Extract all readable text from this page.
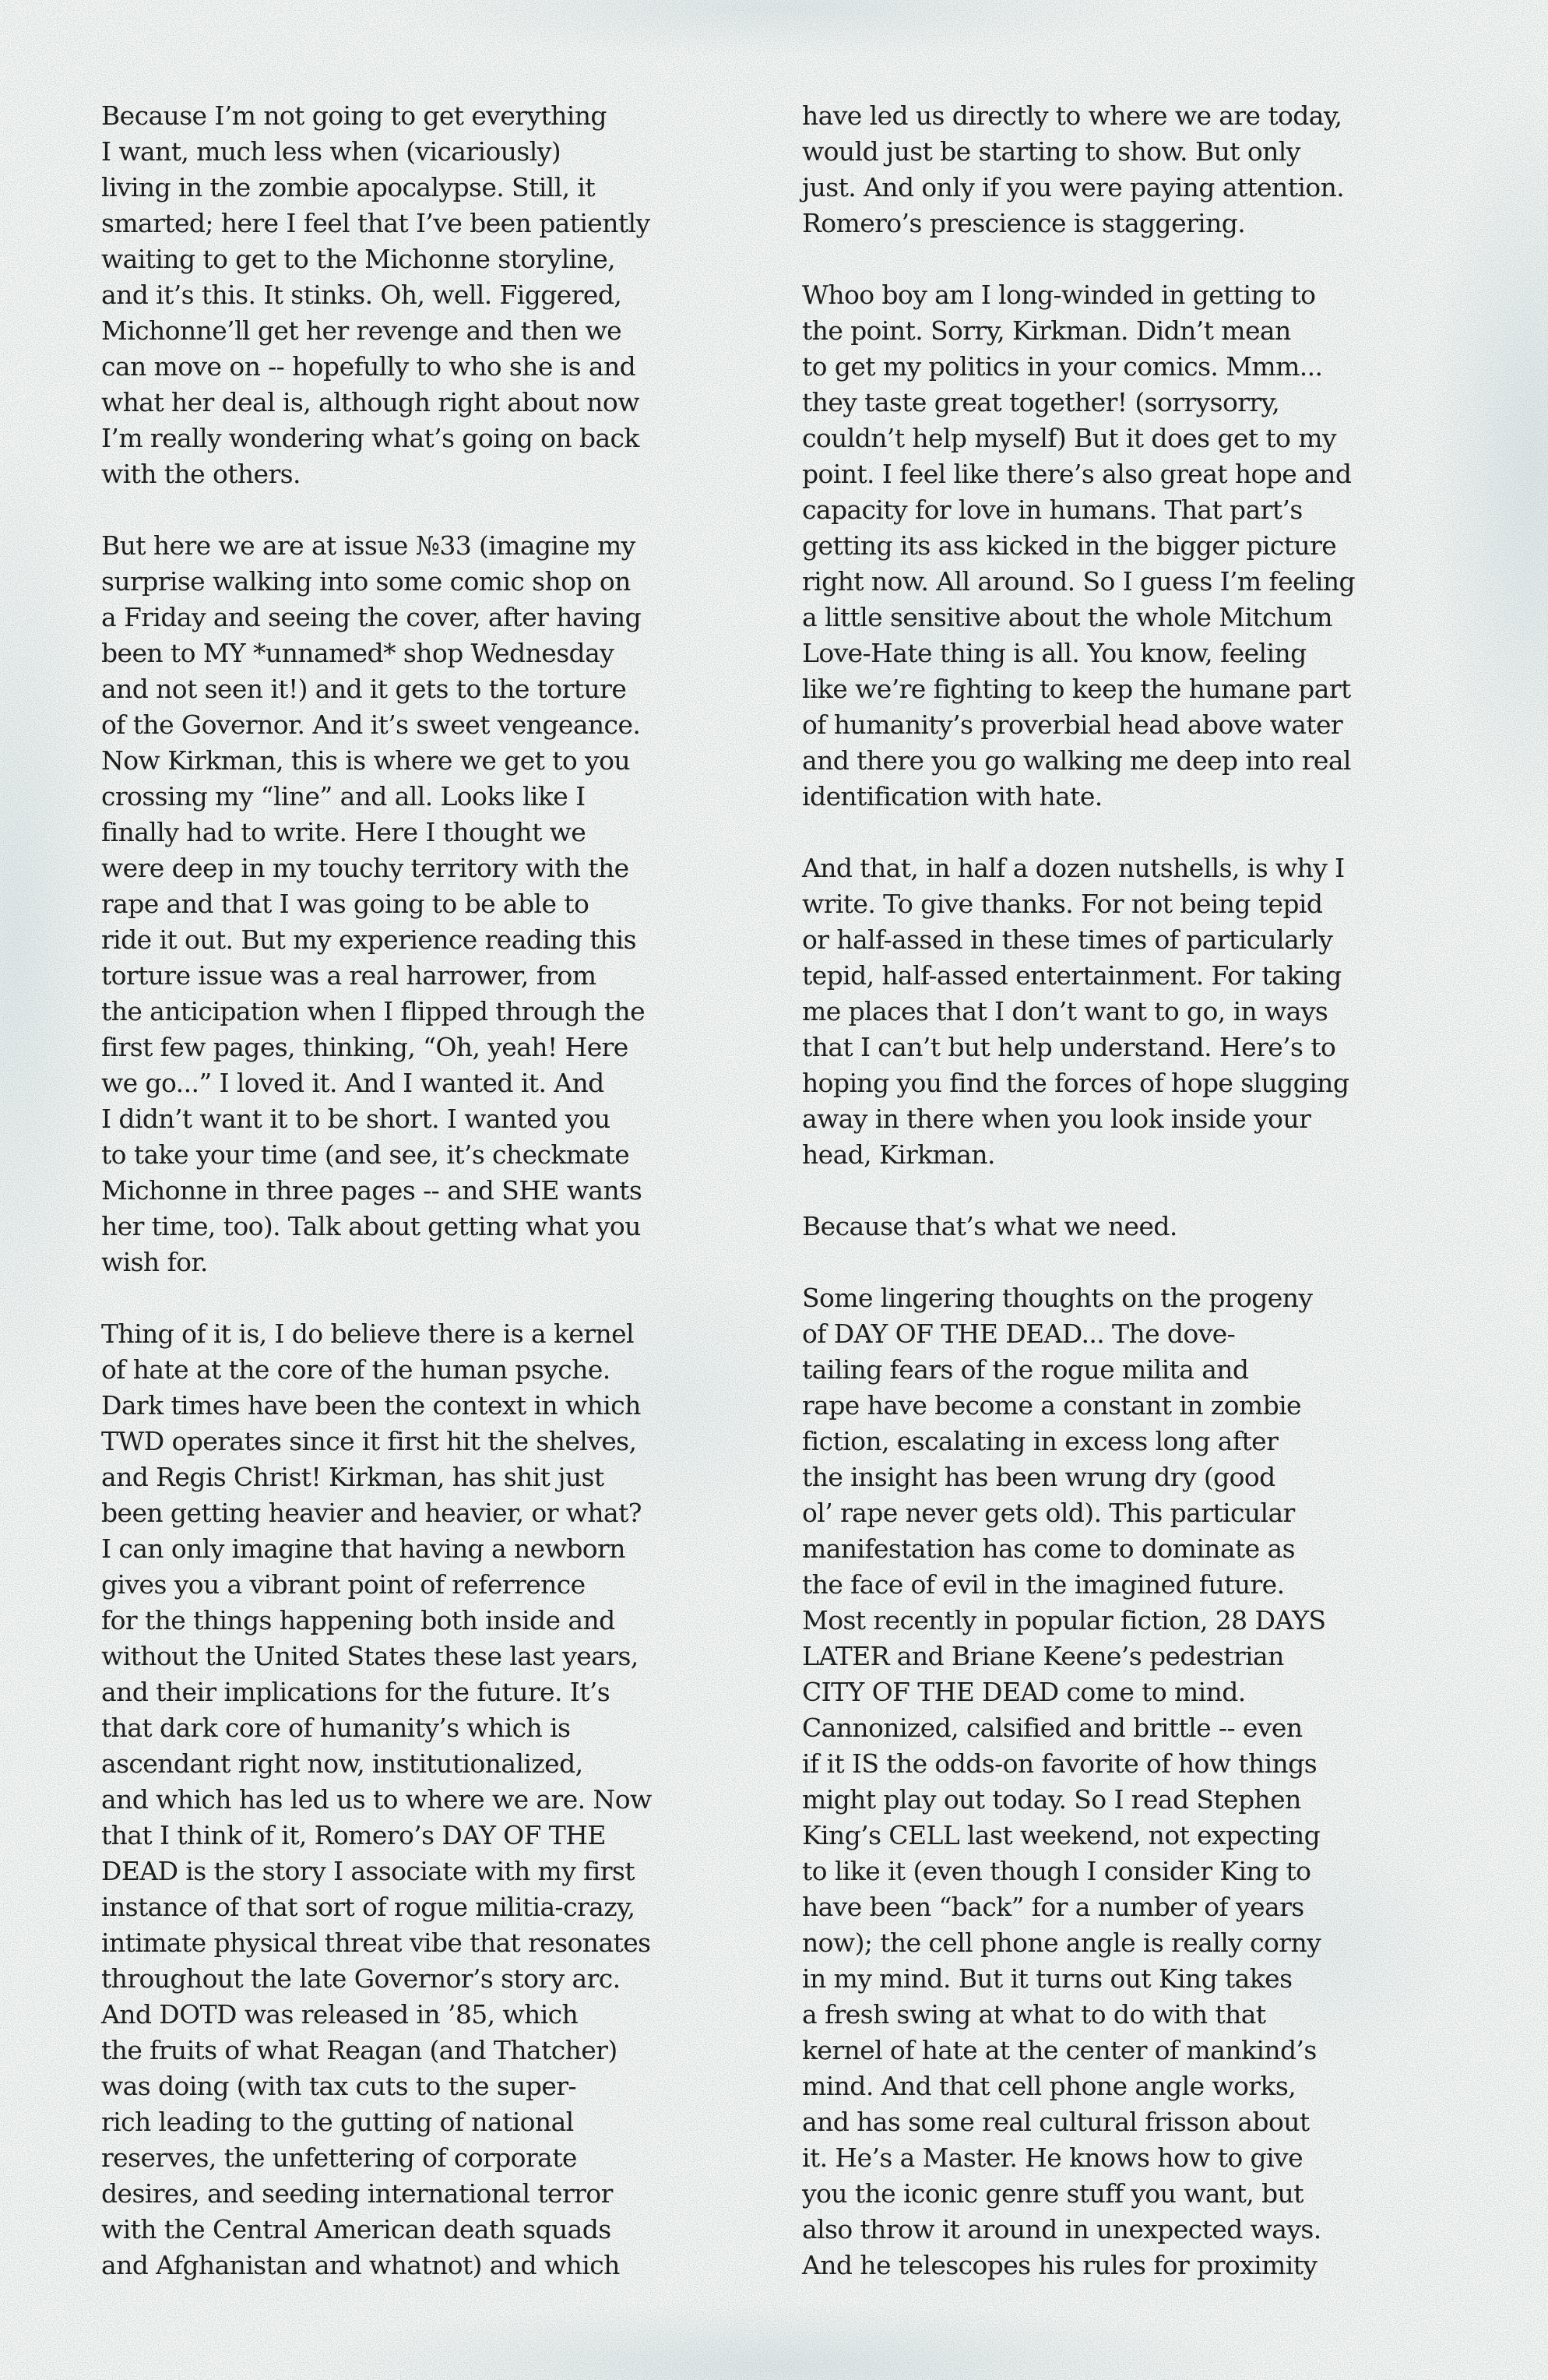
Because I’m not going to get everything
I want, much less when (vicariously)
living in the zombie apocalypse. Still, it
smarted; here I feel that I’ve been patiently
waiting to get to the Michonne storyline,
and it’s this. It stinks. Oh, well. Figgered,
Michonne’ll get her revenge and then we
can move on -- hopefully to who she is and
what her deal is, although right about now
I’m really wondering what’s going on back
with the others.
But here we are at issue №33 (imagine my
surprise walking into some comic shop on
a Friday and seeing the cover, after having
been to MY *unnamed* shop Wednesday
and not seen it!) and it gets to the torture
of the Governor. And it’s sweet vengeance.
Now Kirkman, this is where we get to you
crossing my “line” and all. Looks like I
finally had to write. Here I thought we
were deep in my touchy territory with the
rape and that I was going to be able to
ride it out. But my experience reading this
torture issue was a real harrower, from
the anticipation when I flipped through the
first few pages, thinking, “Oh, yeah! Here
we go...” I loved it. And I wanted it. And
I didn’t want it to be short. I wanted you
to take your time (and see, it’s checkmate
Michonne in three pages -- and SHE wants
her time, too). Talk about getting what you
wish for.
Thing of it is, I do believe there is a kernel
of hate at the core of the human psyche.
Dark times have been the context in which
TWD operates since it first hit the shelves,
and Regis Christ! Kirkman, has shit just
been getting heavier and heavier, or what?
I can only imagine that having a newborn
gives you a vibrant point of referrence
for the things happening both inside and
without the United States these last years,
and their implications for the future. It’s
that dark core of humanity’s which is
ascendant right now, institutionalized,
and which has led us to where we are. Now
that I think of it, Romero’s DAY OF THE
DEAD is the story I associate with my first
instance of that sort of rogue militia-crazy,
intimate physical threat vibe that resonates
throughout the late Governor’s story arc.
And DOTD was released in ’85, which
the fruits of what Reagan (and Thatcher)
was doing (with tax cuts to the super-
rich leading to the gutting of national
reserves, the unfettering of corporate
desires, and seeding international terror
with the Central American death squads
and Afghanistan and whatnot) and which
have led us directly to where we are today,
would just be starting to show. But only
just. And only if you were paying attention.
Romero’s prescience is staggering.
Whoo boy am I long-winded in getting to
the point. Sorry, Kirkman. Didn’t mean
to get my politics in your comics. Mmm...
they taste great together! (sorrysorry,
couldn’t help myself) But it does get to my
point. I feel like there’s also great hope and
capacity for love in humans. That part’s
getting its ass kicked in the bigger picture
right now. All around. So I guess I’m feeling
a little sensitive about the whole Mitchum
Love-Hate thing is all. You know, feeling
like we’re fighting to keep the humane part
of humanity’s proverbial head above water
and there you go walking me deep into real
identification with hate.
And that, in half a dozen nutshells, is why I
write. To give thanks. For not being tepid
or half-assed in these times of particularly
tepid, half-assed entertainment. For taking
me places that I don’t want to go, in ways
that I can’t but help understand. Here’s to
hoping you find the forces of hope slugging
away in there when you look inside your
head, Kirkman.
Because that’s what we need.
Some lingering thoughts on the progeny
of DAY OF THE DEAD... The dove-
tailing fears of the rogue milita and
rape have become a constant in zombie
fiction, escalating in excess long after
the insight has been wrung dry (good
ol’ rape never gets old). This particular
manifestation has come to dominate as
the face of evil in the imagined future.
Most recently in popular fiction, 28 DAYS
LATER and Briane Keene’s pedestrian
CITY OF THE DEAD come to mind.
Cannonized, calsified and brittle -- even
if it IS the odds-on favorite of how things
might play out today. So I read Stephen
King’s CELL last weekend, not expecting
to like it (even though I consider King to
have been “back” for a number of years
now); the cell phone angle is really corny
in my mind. But it turns out King takes
a fresh swing at what to do with that
kernel of hate at the center of mankind’s
mind. And that cell phone angle works,
and has some real cultural frisson about
it. He’s a Master. He knows how to give
you the iconic genre stuff you want, but
also throw it around in unexpected ways.
And he telescopes his rules for proximity
